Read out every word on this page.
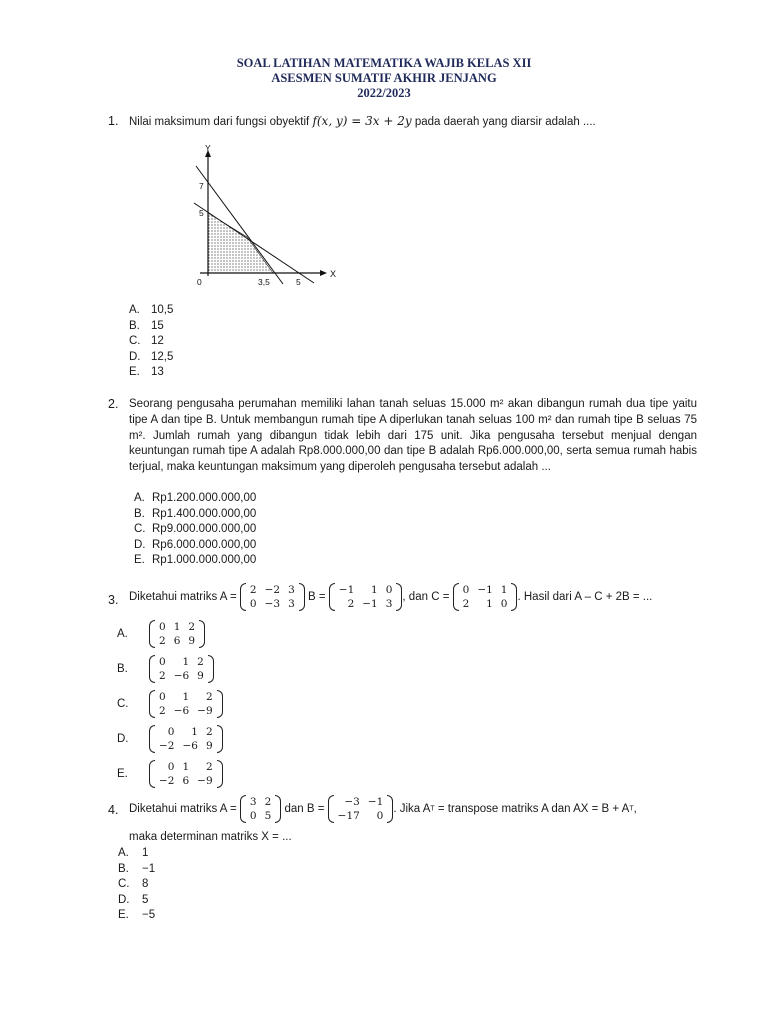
SOAL LATIHAN MATEMATIKA WAJIB KELAS XII
ASESMEN SUMATIF AKHIR JENJANG
2022/2023
1. Nilai maksimum dari fungsi obyektif f(x, y) = 3x + 2y pada daerah yang diarsir adalah ....
Y
X
7
5
0	3,5	5
A. 10,5
B. 15
C. 12
D. 12,5
E. 13
2. Seorang pengusaha perumahan memiliki lahan tanah seluas 15.000 m² akan dibangun rumah dua tipe yaitu tipe A dan tipe B. Untuk membangun rumah tipe A diperlukan tanah seluas 100 m² dan rumah tipe B seluas 75 m². Jumlah rumah yang dibangun tidak lebih dari 175 unit. Jika pengusaha tersebut menjual dengan keuntungan rumah tipe A adalah Rp8.000.000,00 dan tipe B adalah Rp6.000.000,00, serta semua rumah habis terjual, maka keuntungan maksimum yang diperoleh pengusaha tersebut adalah ...
A. Rp1.200.000.000,00
B. Rp1.400.000.000,00
C. Rp9.000.000.000,00
D. Rp6.000.000.000,00
E. Rp1.000.000.000,00
3. Diketahui matriks A =
2	−2	3
0	−3	3
B =
−1	1	0
2	−1	3
, dan C =
0	−1	1
2	1	0
. Hasil dari A – C + 2B = ...
A.
0	1	2
2	6	9
B.
0	1	2
2	−6	9
C.
0	1	2
2	−6	−9
D.
0	1	2
−2	−6	9
E.
0	1	2
−2	6	−9
4. Diketahui matriks A =
3	2
0	5
dan B =
−3	−1
−17	0
. Jika AT = transpose matriks A dan AX = B + AT,
maka determinan matriks X = ...
A. 1
B. −1
C. 8
D. 5
E. −5
